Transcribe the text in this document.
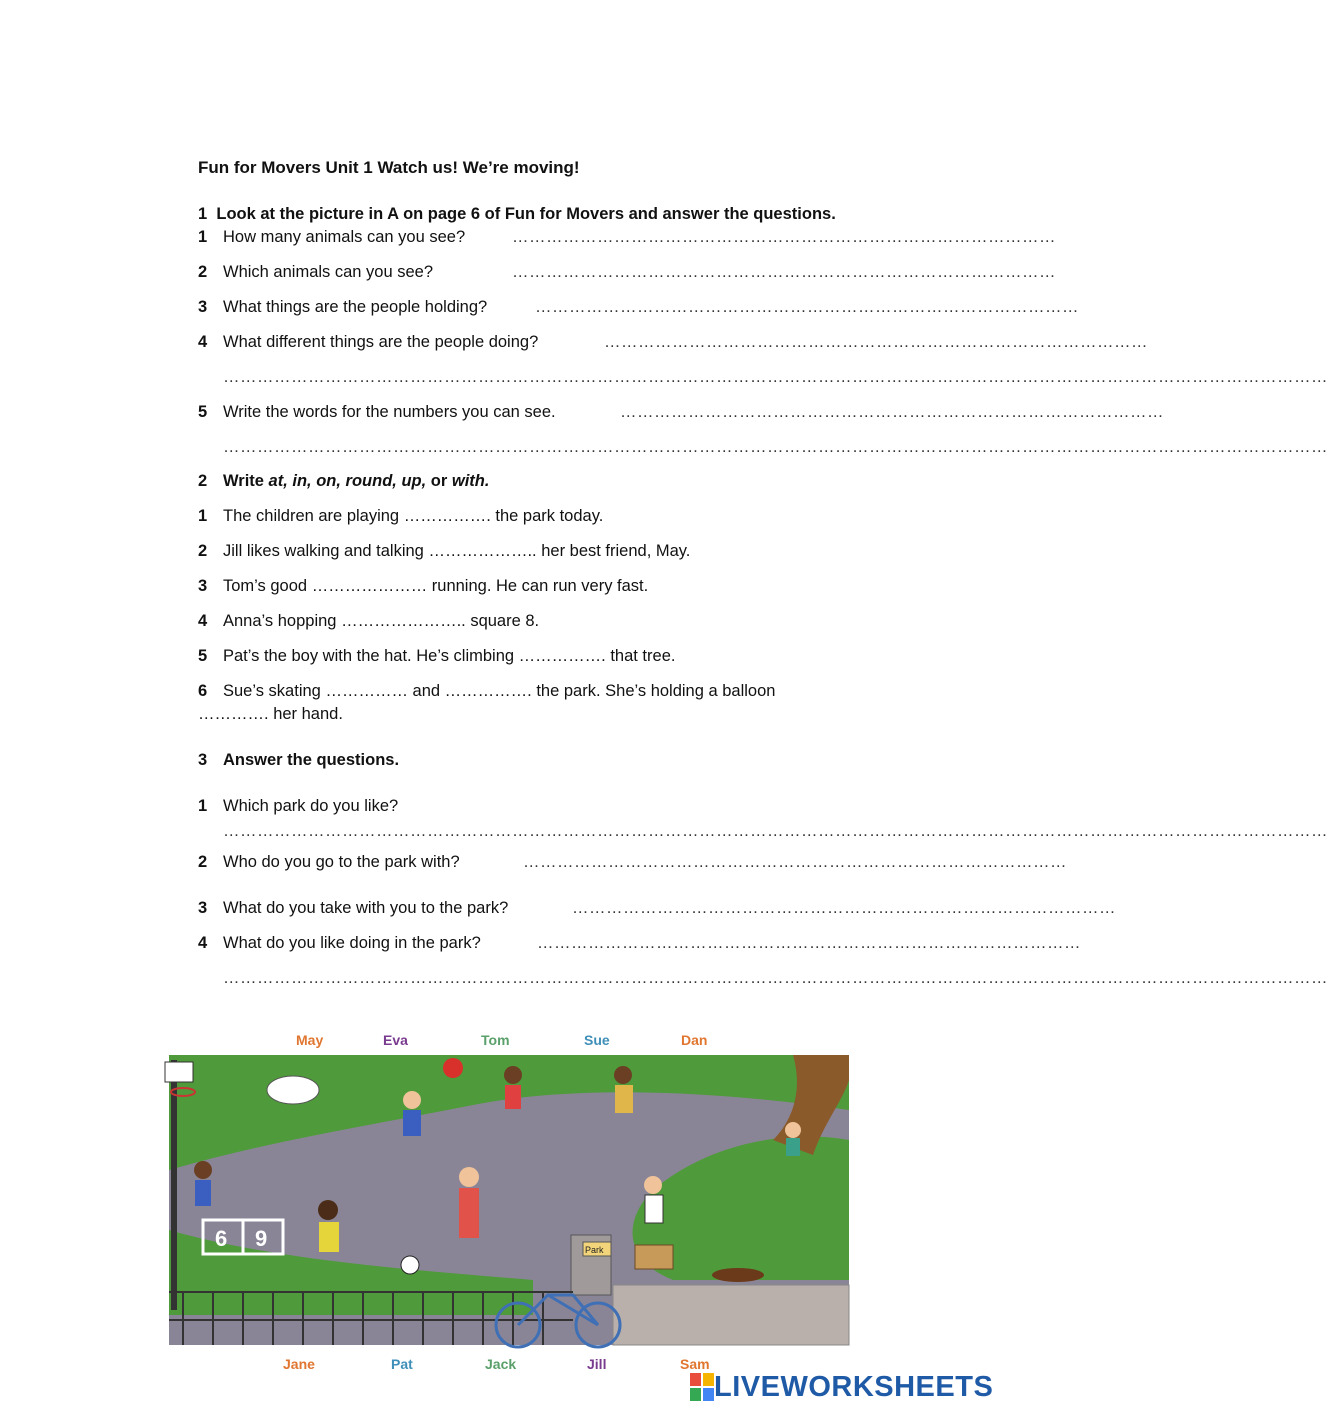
Fun for Movers Unit 1 Watch us! We’re moving!
1 Look at the picture in A on page 6 of Fun for Movers and answer the questions.
1 How many animals can you see?	……………………………………………………………………………………
2 Which animals can you see?	……………………………………………………………………………………
3 What things are the people holding?	……………………………………………………………………………………
4 What different things are the people doing?	……………………………………………………………………………………
……………………………………………………………………………………………………………………………………………………………………………
5 Write the words for the numbers you can see.	……………………………………………………………………………………
……………………………………………………………………………………………………………………………………………………………………………
2 Write at, in, on, round, up, or with.
1 The children are playing ……………. the park today.
2 Jill likes walking and talking ……………….. her best friend, May.
3 Tom’s good ………………… running. He can run very fast.
4 Anna’s hopping ………………….. square 8.
5 Pat’s the boy with the hat. He’s climbing ……………. that tree.
6 Sue’s skating …………… and ……………. the park. She’s holding a balloon
…………. her hand.
3 Answer the questions.
1 Which park do you like?
……………………………………………………………………………………………………………………………………………………………………………
2 Who do you go to the park with?	……………………………………………………………………………………
3 What do you take with you to the park?	……………………………………………………………………………………
4 What do you like doing in the park?	……………………………………………………………………………………
……………………………………………………………………………………………………………………………………………………………………………
May	Eva	Tom	Sue	Dan
6 9	Park
Jane	Pat	Jack	Jill	Sam
LIVEWORKSHEETS
